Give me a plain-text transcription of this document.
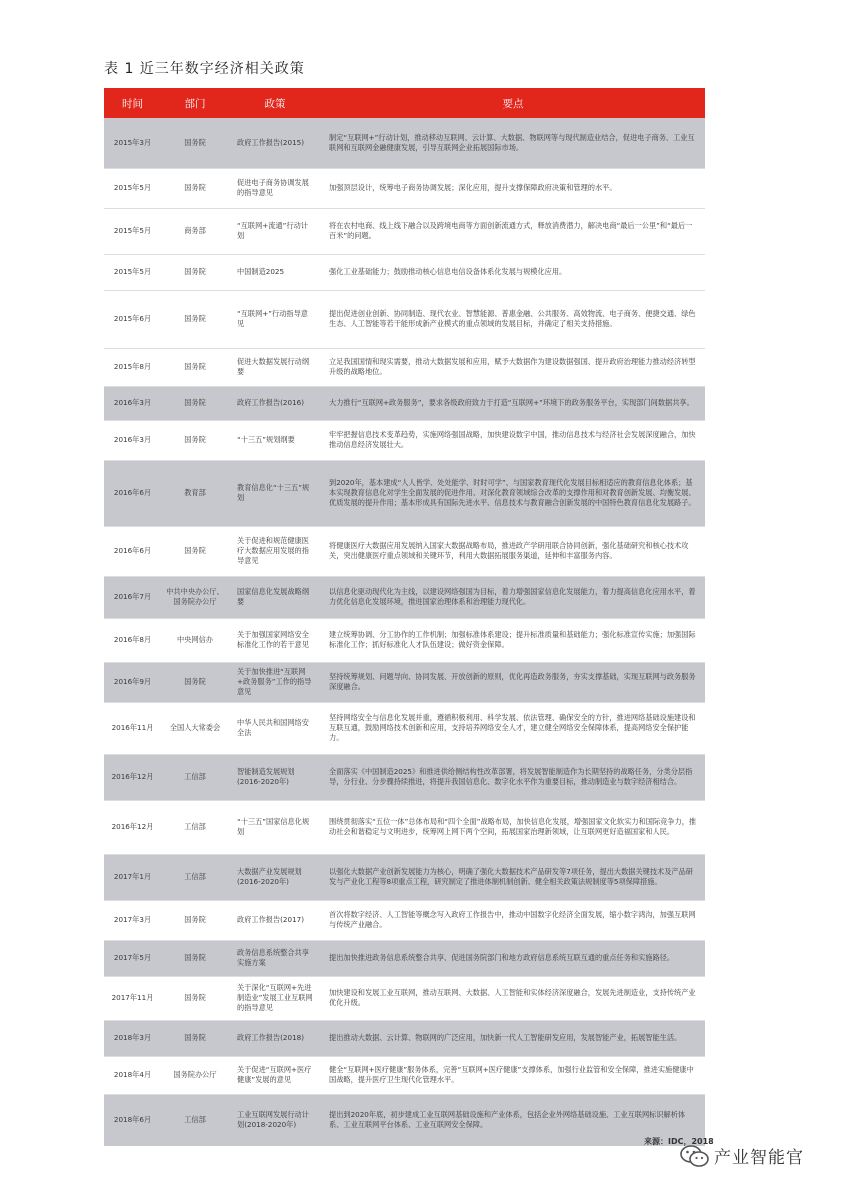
表 1 近三年数字经济相关政策
时间	部门	政策	要点
2015年3月	国务院	政府工作报告(2015)	制定“互联网+”行动计划，推动移动互联网、云计算、大数据、物联网等与现代制造业结合，促进电子商务、工业互联网和互联网金融健康发展，引导互联网企业拓展国际市场。
2015年5月	国务院	促进电子商务协调发展的指导意见	加强顶层设计，统筹电子商务协调发展；深化应用，提升支撑保障政府决策和管理的水平。
2015年5月	商务部	“互联网+流通”行动计划	将在农村电商、线上线下融合以及跨境电商等方面创新流通方式，释放消费潜力，解决电商“最后一公里”和“最后一百米”的问题。
2015年5月	国务院	中国制造2025	强化工业基础能力；鼓励推动核心信息电信设备体系化发展与规模化应用。
2015年6月	国务院	“互联网+”行动指导意见	提出促进创业创新、协同制造、现代农业、智慧能源、普惠金融、公共服务、高效物流、电子商务、便捷交通、绿色生态、人工智能等若干能形成新产业模式的重点领域的发展目标，并确定了相关支持措施。
2015年8月	国务院	促进大数据发展行动纲要	立足我国国情和现实需要，推动大数据发展和应用，赋予大数据作为建设数据强国、提升政府治理能力推动经济转型升级的战略地位。
2016年3月	国务院	政府工作报告(2016)	大力推行“互联网+政务服务”，要求各级政府致力于打造“互联网+”环境下的政务服务平台，实现部门间数据共享。
2016年3月	国务院	“十三五”规划纲要	牢牢把握信息技术变革趋势，实施网络强国战略，加快建设数字中国，推动信息技术与经济社会发展深度融合，加快推动信息经济发展壮大。
2016年6月	教育部	教育信息化“十三五”规划	到2020年，基本建成“人人皆学、处处能学、时时可学”、与国家教育现代化发展目标相适应的教育信息化体系；基本实现教育信息化对学生全面发展的促进作用、对深化教育领域综合改革的支撑作用和对教育创新发展、均衡发展、优质发展的提升作用；基本形成具有国际先进水平、信息技术与教育融合创新发展的中国特色教育信息化发展路子。
2016年6月	国务院	关于促进和规范健康医疗大数据应用发展的指导意见	将健康医疗大数据应用发展纳入国家大数据战略布局，推进政产学研用联合协同创新，强化基础研究和核心技术攻关，突出健康医疗重点领域和关键环节，利用大数据拓展服务渠道，延伸和丰富服务内容。
2016年7月	中共中央办公厅、国务院办公厅	国家信息化发展战略纲要	以信息化驱动现代化为主线，以建设网络强国为目标，着力增强国家信息化发展能力，着力提高信息化应用水平，着力优化信息化发展环境，推进国家治理体系和治理能力现代化。
2016年8月	中央网信办	关于加强国家网络安全标准化工作的若干意见	建立统筹协调、分工协作的工作机制；加强标准体系建设；提升标准质量和基础能力；强化标准宣传实施；加强国际标准化工作；抓好标准化人才队伍建设；做好资金保障。
2016年9月	国务院	关于加快推进“互联网+政务服务”工作的指导意见	坚持统筹规划、问题导向、协同发展、开放创新的原则，优化再造政务服务，夯实支撑基础，实现互联网与政务服务深度融合。
2016年11月	全国人大常委会	中华人民共和国网络安全法	坚持网络安全与信息化发展并重，遵循积极利用、科学发展、依法管理、确保安全的方针，推进网络基础设施建设和互联互通，鼓励网络技术创新和应用，支持培养网络安全人才，建立健全网络安全保障体系，提高网络安全保护能力。
2016年12月	工信部	智能制造发展规划(2016-2020年)	全面落实《中国制造2025》和推进供给侧结构性改革部署，将发展智能制造作为长期坚持的战略任务，分类分层指导，分行业、分步骤持续推进，将提升我国信息化、数字化水平作为重要目标，推动制造业与数字经济相结合。
2016年12月	工信部	“十三五”国家信息化规划	围绕贯彻落实“五位一体”总体布局和“四个全面”战略布局，加快信息化发展，增强国家文化软实力和国际竞争力，推动社会和谐稳定与文明进步，统筹网上网下两个空间，拓展国家治理新领域，让互联网更好造福国家和人民。
2017年1月	工信部	大数据产业发展规划(2016-2020年)	以强化大数据产业创新发展能力为核心，明确了强化大数据技术产品研发等7项任务，提出大数据关键技术及产品研发与产业化工程等8项重点工程，研究制定了推进体制机制创新、健全相关政策法规制度等5项保障措施。
2017年3月	国务院	政府工作报告(2017)	首次将数字经济、人工智能等概念写入政府工作报告中，推动中国数字化经济全面发展，缩小数字鸿沟，加强互联网与传统产业融合。
2017年5月	国务院	政务信息系统整合共享实施方案	提出加快推进政务信息系统整合共享、促进国务院部门和地方政府信息系统互联互通的重点任务和实施路径。
2017年11月	国务院	关于深化“互联网+先进制造业”发展工业互联网的指导意见	加快建设和发展工业互联网，推动互联网、大数据、人工智能和实体经济深度融合，发展先进制造业，支持传统产业优化升级。
2018年3月	国务院	政府工作报告(2018)	提出推动大数据、云计算、物联网的广泛应用，加快新一代人工智能研发应用，发展智能产业，拓展智能生活。
2018年4月	国务院办公厅	关于促进“互联网+医疗健康”发展的意见	健全“互联网+医疗健康”服务体系，完善“互联网+医疗健康”支撑体系，加强行业监管和安全保障，推进实施健康中国战略，提升医疗卫生现代化管理水平。
2018年6月	工信部	工业互联网发展行动计划(2018-2020年)	提出到2020年底，初步建成工业互联网基础设施和产业体系，包括企业外网络基础设施、工业互联网标识解析体系、工业互联网平台体系、工业互联网安全保障。
来源：IDC，2018
产业智能官
